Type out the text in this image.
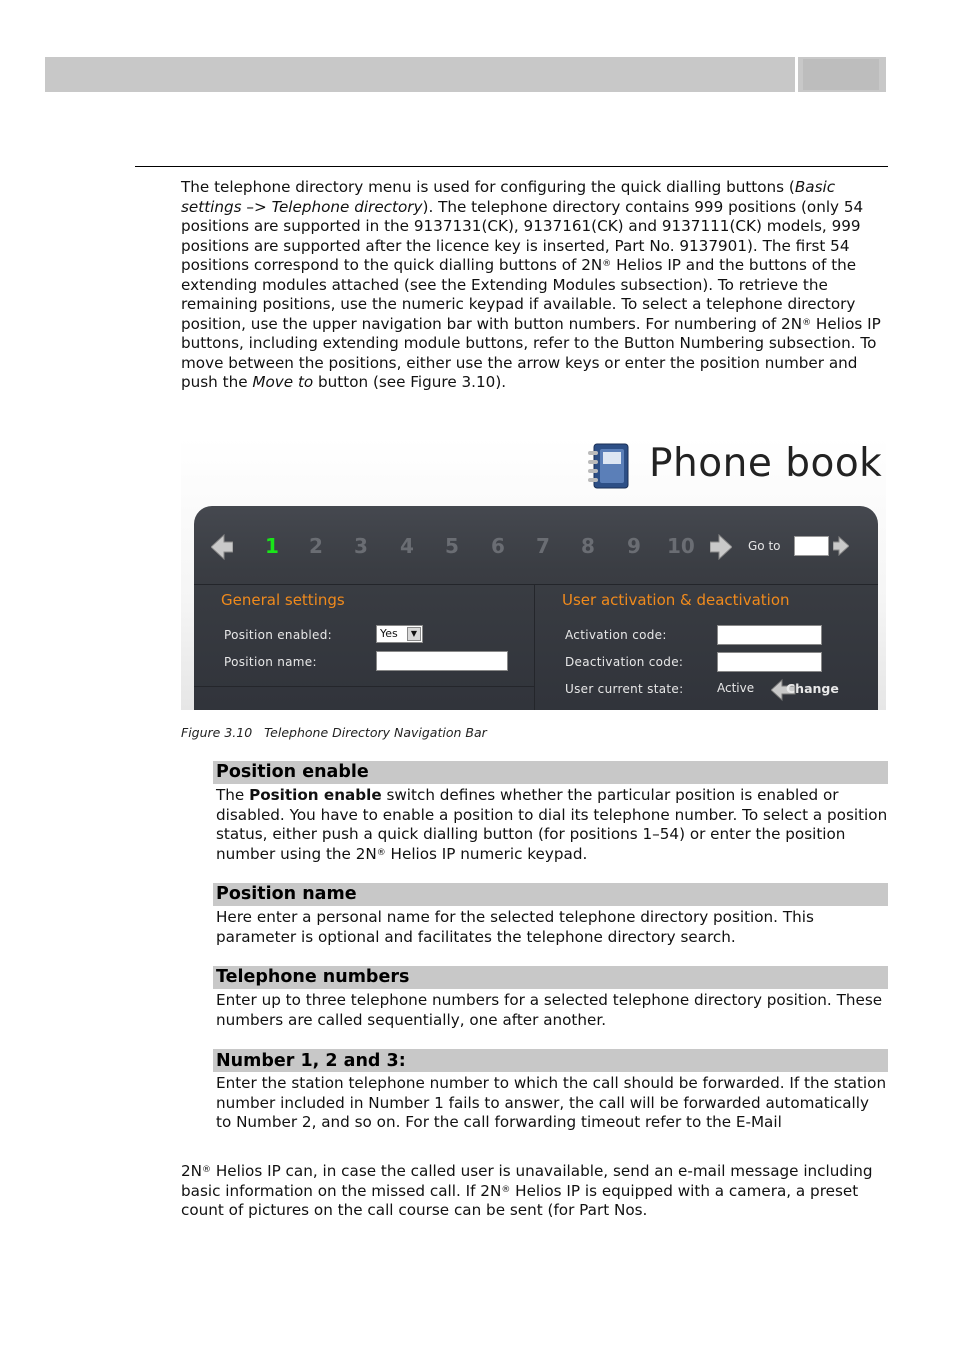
The telephone directory menu is used for configuring the quick dialling buttons (Basic settings –> Telephone directory). The telephone directory contains 999 positions (only 54 positions are supported in the 9137131(CK), 9137161(CK) and 9137111(CK) models, 999 positions are supported after the licence key is inserted, Part No. 9137901). The first 54 positions correspond to the quick dialling buttons of 2N® Helios IP and the buttons of the extending modules attached (see the Extending Modules subsection). To retrieve the remaining positions, use the numeric keypad if available. To select a telephone directory position, use the upper navigation bar with button numbers. For numbering of 2N® Helios IP buttons, including extending module buttons, refer to the Button Numbering subsection. To move between the positions, either use the arrow keys or enter the position number and push the Move to button (see Figure 3.10).

Phone book
1 2 3 4 5 6 7 8 9 10	Go to
General settings
Position enabled:	Yes	▼
Position name:
User activation & deactivation
Activation code:
Deactivation code:
User current state:	Active	Change
Figure 3.10 Telephone Directory Navigation Bar
Position enable

The Position enable switch defines whether the particular position is enabled or disabled. You have to enable a position to dial its telephone number. To select a position status, either push a quick dialling button (for positions 1–54) or enter the position number using the 2N® Helios IP numeric keypad.

Position name

Here enter a personal name for the selected telephone directory position. This parameter is optional and facilitates the telephone directory search.

Telephone numbers

Enter up to three telephone numbers for a selected telephone directory position. These numbers are called sequentially, one after another.

Number 1, 2 and 3:

Enter the station telephone number to which the call should be forwarded. If the station number included in Number 1 fails to answer, the call will be forwarded automatically to Number 2, and so on. For the call forwarding timeout refer to the E-Mail

2N® Helios IP can, in case the called user is unavailable, send an e-mail message including basic information on the missed call. If 2N® Helios IP is equipped with a camera, a preset count of pictures on the call course can be sent (for Part Nos.
